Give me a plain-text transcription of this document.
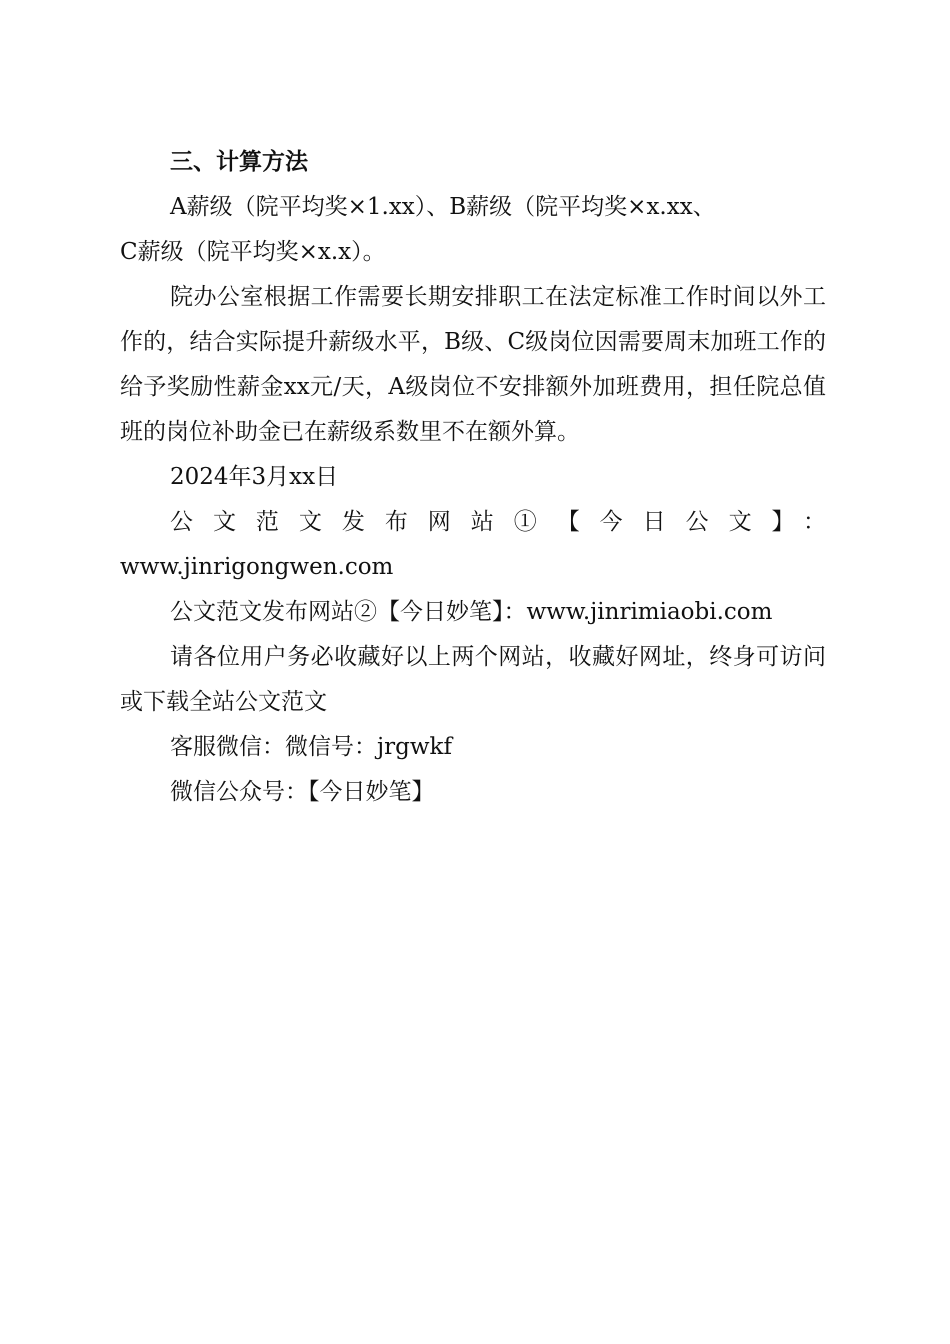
三、计算方法

A薪级（院平均奖×1.xx）、B薪级（院平均奖×x.xx、

C薪级（院平均奖×x.x）。

院办公室根据工作需要长期安排职工在法定标准工作时间以外工作的，结合实际提升薪级水平，B级、C级岗位因需要周末加班工作的给予奖励性薪金xx元/天，A级岗位不安排额外加班费用，担任院总值班的岗位补助金已在薪级系数里不在额外算。

2024年3月xx日

公文范文发布网站①【今日公文】：

www.jinrigongwen.com

公文范文发布网站②【今日妙笔】：www.jinrimiaobi.com

请各位用户务必收藏好以上两个网站，收藏好网址，终身可访问或下载全站公文范文

客服微信：微信号：jrgwkf

微信公众号：【今日妙笔】
